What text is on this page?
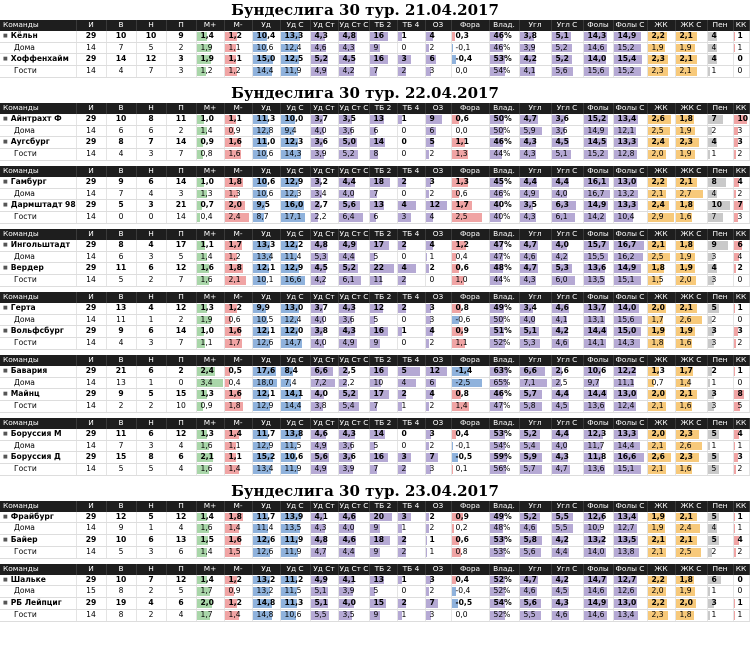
Бундеслига 30 тур. 21.04.2017
Команды	И	В	Н	П	М+	М-	Уд	Уд С	Уд Ст	Уд Ст С	ТБ 2	ТБ 4	ОЗ	Фора	Влад.	Угл	Угл С	Фолы	Фолы С	ЖК	ЖК С	Пен	КК
■ Кёльн	29	10	10	9	1,4	1,2	10,4	13,3	4,3	4,8	16	1	4	0,3	46%	3,8	5,1	14,3	14,9	2,2	2,1	4	1
Дома	14	7	5	2	1,9	1,1	10,6	12,4	4,6	4,3	9	0	2	-0,1	46%	3,9	5,2	14,6	15,2	1,9	1,9	4	1
■ Хоффенхайм	29	14	12	3	1,9	1,1	15,0	12,5	5,2	4,5	16	3	6	-0,4	53%	4,2	5,2	14,0	15,4	2,3	2,1	4	0
Гости	14	4	7	3	1,2	1,2	14,4	11,9	4,9	4,2	7	2	3	0,0	54%	4,1	5,6	15,6	15,2	2,3	2,1	1	0
Бундеслига 30 тур. 22.04.2017
Команды	И	В	Н	П	М+	М-	Уд	Уд С	Уд Ст	Уд Ст С	ТБ 2	ТБ 4	ОЗ	Фора	Влад.	Угл	Угл С	Фолы	Фолы С	ЖК	ЖК С	Пен	КК
■ Айнтрахт Ф	29	10	8	11	1,0	1,1	11,3	10,0	3,7	3,5	13	1	9	0,6	50%	4,7	3,6	15,2	13,4	2,6	1,8	7	10
Дома	14	6	6	2	1,4	0,9	12,8	9,4	4,0	3,6	6	0	6	0,0	50%	5,9	3,6	14,9	12,1	2,5	1,9	2	3
■ Аугсбург	29	8	7	14	0,9	1,6	11,0	12,3	3,6	5,0	14	0	5	1,1	46%	4,3	4,5	14,5	13,3	2,4	2,3	4	3
Гости	14	4	3	7	0,8	1,6	10,6	14,3	3,9	5,2	8	0	2	1,3	44%	4,3	5,1	15,2	12,8	2,0	1,9	1	2
Команды	И	В	Н	П	М+	М-	Уд	Уд С	Уд Ст	Уд Ст С	ТБ 2	ТБ 4	ОЗ	Фора	Влад.	Угл	Угл С	Фолы	Фолы С	ЖК	ЖК С	Пен	КК
■ Гамбург	29	9	6	14	1,0	1,8	10,6	12,9	3,2	4,4	18	2	3	1,3	45%	4,4	4,4	16,1	13,0	2,2	2,1	8	4
Дома	14	7	4	3	1,3	1,3	10,6	12,3	3,4	4,0	7	0	2	0,6	46%	4,9	4,0	16,7	13,2	2,1	2,7	4	2
■ Дармштадт 98	29	5	3	21	0,7	2,0	9,5	16,0	2,7	5,6	13	4	12	1,7	40%	3,5	6,3	14,9	13,3	2,4	1,8	10	7
Гости	14	0	0	14	0,4	2,4	8,7	17,1	2,2	6,4	6	3	4	2,5	40%	4,3	6,1	14,2	10,4	2,9	1,6	7	3
Команды	И	В	Н	П	М+	М-	Уд	Уд С	Уд Ст	Уд Ст С	ТБ 2	ТБ 4	ОЗ	Фора	Влад.	Угл	Угл С	Фолы	Фолы С	ЖК	ЖК С	Пен	КК
■ Ингольштадт	29	8	4	17	1,1	1,7	13,3	12,2	4,8	4,9	17	2	4	1,2	47%	4,7	4,0	15,7	16,7	2,1	1,8	9	6
Дома	14	6	3	5	1,4	1,2	13,4	11,4	5,3	4,4	5	0	1	0,4	47%	4,6	4,2	15,5	16,2	2,5	1,9	3	4
■ Вердер	29	11	6	12	1,6	1,8	12,1	12,9	4,5	5,2	22	4	2	0,6	48%	4,7	5,3	13,6	14,9	1,8	1,9	4	2
Гости	14	5	2	7	1,6	2,1	10,1	16,6	4,2	6,1	11	2	0	1,0	44%	4,3	6,0	13,5	15,1	1,5	2,0	3	0
Команды	И	В	Н	П	М+	М-	Уд	Уд С	Уд Ст	Уд Ст С	ТБ 2	ТБ 4	ОЗ	Фора	Влад.	Угл	Угл С	Фолы	Фолы С	ЖК	ЖК С	Пен	КК
■ Герта	29	13	4	12	1,3	1,2	9,9	13,0	3,7	4,3	12	2	3	0,8	49%	3,4	4,6	13,7	14,0	2,0	2,1	5	1
Дома	14	11	1	2	1,9	0,6	10,5	12,4	4,0	3,6	5	0	3	-0,6	50%	4,0	4,1	13,1	15,6	1,7	2,6	2	0
■ Вольфсбург	29	9	6	14	1,0	1,6	12,1	12,0	3,8	4,3	16	1	4	0,9	51%	5,1	4,2	14,4	15,0	1,9	1,9	3	3
Гости	14	4	3	7	1,1	1,7	12,6	14,7	4,0	4,9	9	0	2	1,1	52%	5,3	4,6	14,1	14,3	1,8	1,6	3	2
Команды	И	В	Н	П	М+	М-	Уд	Уд С	Уд Ст	Уд Ст С	ТБ 2	ТБ 4	ОЗ	Фора	Влад.	Угл	Угл С	Фолы	Фолы С	ЖК	ЖК С	Пен	КК
■ Бавария	29	21	6	2	2,4	0,5	17,6	8,4	6,6	2,5	16	5	12	-1,4	63%	6,6	2,6	10,6	12,2	1,3	1,7	2	1
Дома	14	13	1	0	3,4	0,4	18,0	7,4	7,2	2,2	10	4	6	-2,5	65%	7,1	2,5	9,7	11,1	0,7	1,4	1	0
■ Майнц	29	9	5	15	1,3	1,6	12,1	14,1	4,0	5,2	17	2	4	0,8	46%	5,7	4,4	14,4	13,0	2,0	2,1	3	8
Гости	14	2	2	10	0,9	1,8	12,9	14,4	3,8	5,4	7	1	2	1,4	47%	5,8	4,5	13,6	12,4	2,1	1,6	3	5
Команды	И	В	Н	П	М+	М-	Уд	Уд С	Уд Ст	Уд Ст С	ТБ 2	ТБ 4	ОЗ	Фора	Влад.	Угл	Угл С	Фолы	Фолы С	ЖК	ЖК С	Пен	КК
■ Боруссия М	29	11	6	12	1,3	1,4	11,7	13,8	4,6	4,3	14	0	3	0,4	53%	5,2	4,4	12,3	13,3	2,0	2,3	5	4
Дома	14	7	3	4	1,6	1,1	12,9	11,5	4,9	3,6	5	0	2	-0,1	54%	5,4	4,0	11,7	14,4	2,1	2,6	1	1
■ Боруссия Д	29	15	8	6	2,1	1,1	15,2	10,6	5,6	3,6	16	3	7	-0,5	59%	5,9	4,3	11,8	16,6	2,6	2,3	5	3
Гости	14	5	5	4	1,6	1,4	13,4	11,9	4,9	3,9	7	2	3	0,1	56%	5,7	4,7	13,6	15,1	2,1	1,6	5	2
Бундеслига 30 тур. 23.04.2017
Команды	И	В	Н	П	М+	М-	Уд	Уд С	Уд Ст	Уд Ст С	ТБ 2	ТБ 4	ОЗ	Фора	Влад.	Угл	Угл С	Фолы	Фолы С	ЖК	ЖК С	Пен	КК
■ Фрайбург	29	12	5	12	1,4	1,8	11,7	13,9	4,1	4,6	20	3	2	0,9	49%	5,2	5,5	12,6	13,4	1,9	2,1	5	1
Дома	14	9	1	4	1,6	1,4	11,4	13,5	4,3	4,0	9	1	2	0,2	48%	4,6	5,5	10,9	12,7	1,9	2,4	4	1
■ Байер	29	10	6	13	1,5	1,6	12,6	11,9	4,8	4,6	18	2	1	0,6	53%	5,8	4,2	13,2	13,5	2,1	2,1	5	4
Гости	14	5	3	6	1,4	1,5	12,6	11,9	4,7	4,4	9	2	1	0,8	53%	5,6	4,4	14,0	13,8	2,1	2,5	2	2
Команды	И	В	Н	П	М+	М-	Уд	Уд С	Уд Ст	Уд Ст С	ТБ 2	ТБ 4	ОЗ	Фора	Влад.	Угл	Угл С	Фолы	Фолы С	ЖК	ЖК С	Пен	КК
■ Шальке	29	10	7	12	1,4	1,2	13,2	11,2	4,9	4,1	13	1	3	0,4	52%	4,7	4,2	14,7	12,7	2,2	1,8	6	0
Дома	15	8	2	5	1,7	0,9	13,2	11,5	5,1	3,9	5	0	2	-0,4	52%	4,6	4,5	14,6	12,6	2,0	1,9	1	0
■ РБ Лейпциг	29	19	4	6	2,0	1,2	14,8	11,3	5,1	4,0	15	2	7	-0,5	54%	5,6	4,3	14,9	13,0	2,2	2,0	3	1
Гости	14	8	2	4	1,7	1,4	14,8	10,6	5,5	3,5	9	1	3	0,0	52%	5,5	4,6	14,6	13,4	2,3	1,8	1	1
